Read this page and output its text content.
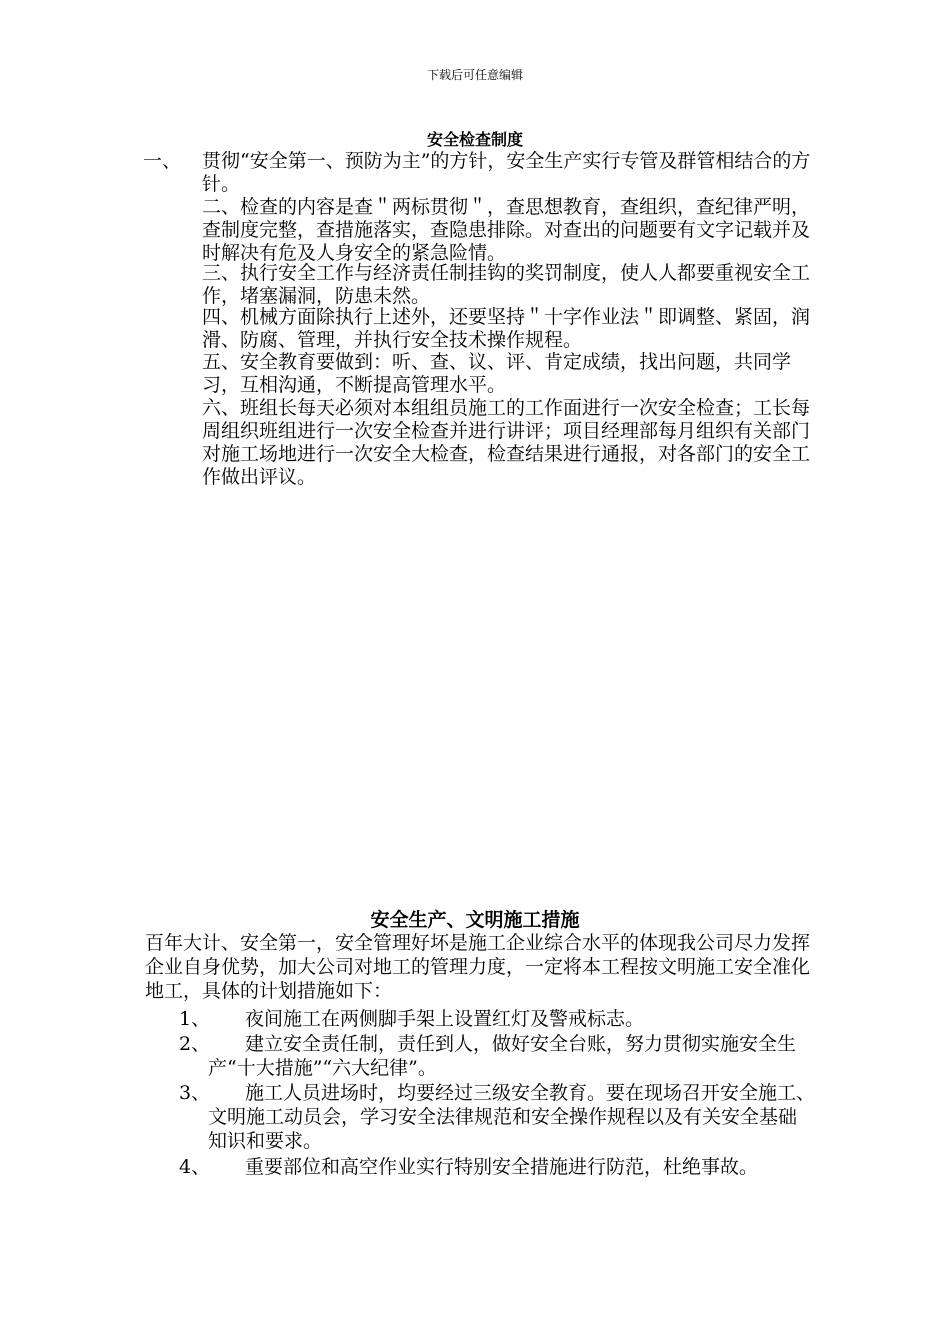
下载后可任意编辑
安全检查制度
一、 贯彻“安全第一、预防为主”的方针，安全生产实行专管及群管相结合的方针。
二、检查的内容是查＂两标贯彻＂，查思想教育，查组织，查纪律严明，查制度完整，查措施落实，查隐患排除。对查出的问题要有文字记载并及时解决有危及人身安全的紧急险情。
三、执行安全工作与经济责任制挂钩的奖罚制度，使人人都要重视安全工作，堵塞漏洞，防患未然。
四、机械方面除执行上述外，还要坚持＂十字作业法＂即调整、紧固，润滑、防腐、管理，并执行安全技术操作规程。
五、安全教育要做到：听、查、议、评、肯定成绩，找出问题，共同学习，互相沟通，不断提高管理水平。
六、班组长每天必须对本组组员施工的工作面进行一次安全检查；工长每周组织班组进行一次安全检查并进行讲评；项目经理部每月组织有关部门对施工场地进行一次安全大检查，检查结果进行通报，对各部门的安全工作做出评议。
安全生产、文明施工措施
百年大计、安全第一，安全管理好坏是施工企业综合水平的体现我公司尽力发挥企业自身优势，加大公司对地工的管理力度，一定将本工程按文明施工安全准化地工，具体的计划措施如下：
1、	夜间施工在两侧脚手架上设置红灯及警戒标志。
2、	建立安全责任制，责任到人，做好安全台账，努力贯彻实施安全生产“十大措施”“六大纪律”。
3、	施工人员进场时，均要经过三级安全教育。要在现场召开安全施工、文明施工动员会，学习安全法律规范和安全操作规程以及有关安全基础知识和要求。
4、	重要部位和高空作业实行特别安全措施进行防范，杜绝事故。
